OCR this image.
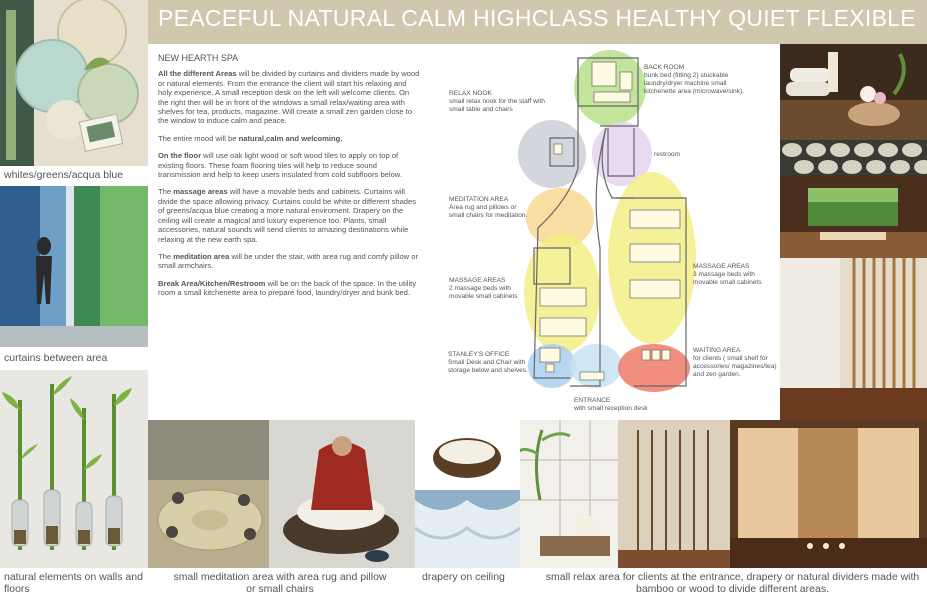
PEACEFUL NATURAL CALM HIGHCLASS HEALTHY QUIET FLEXIBLE
whites/greens/acqua blue
curtains between area
natural elements on walls and floors

NEW HEARTH SPA

All the different Areas will be divided by curtains and dividers made by wood or natural elements. From the entrance the client will start his relaxing and holy experience. A small reception desk on the left will welcome clients. On the right ther will be in front of the windows a small relax/waiting area with shelves for tea, products, magazine. Will create a small zen garden close to the window to induce calm and peace.

The entire mood will be natural,calm and welcoming.

On the floor will use oak light wood or soft wood tiles to apply on top of existing floors. These foam flooring tiles will help to reduce sound transmission and help to keep users insulated from cold subfloors below.

The massage areas will have a movable beds and cabinets. Curtains will divide the space allowing privacy. Curtains could be white or different shades of greens/acqua blue creating a more natural enviroment. Drapery on the ceiling will create a magical and luxury experience too. Plants, small accessories, natural sounds will send clients to amazing destinations while relaxing at the new earth spa.

The meditation area will be under the stair, with area rug and comfy pillow or small armchairs.

Break Area/Kitchen/Restroom will be on the back of the space. In the utility room a small kitchenette area to prepare food, laundry/dryer and bunk bed.

RELAX NOOK
small relax nook for the staff with small table and chairs
BACK ROOM
bunk bed (fitting 2) stuckable laundry/dryer machine small kitchenette area (microwave/sink).
restroom
MEDITATION AREA
Area rug and pillows or small chairs for meditation.
MASSAGE AREAS
2 massage beds with movable small cabinets
MASSAGE AREAS
3 massage beds with movable small cabinets
STANLEY'S OFFICE
Small Desk and Chair with storage below and shelves.
WAITING AREA
for clients ( small shelf for accessories/ magazines/tea) and zen garden.
ENTRANCE
with small reception desk
small meditation area with area rug and pillow or small chairs
drapery on ceiling	small relax area for clients at the entrance, drapery or natural dividers made with bamboo or wood to divide different areas.
